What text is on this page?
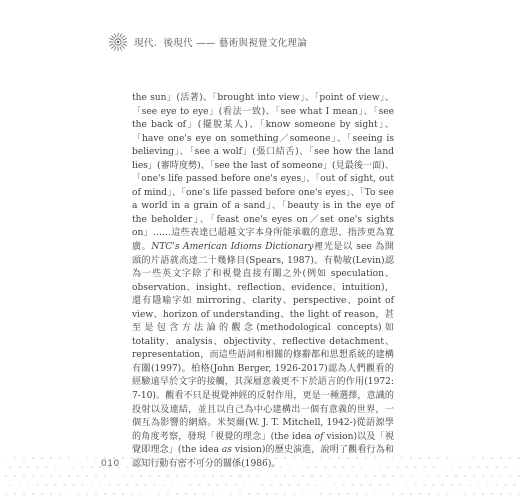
現代．後現代 —— 藝術與視覺文化理論

the sun」(活著)、「brought into view」、「point of view」、「see eye to eye」(看法一致)、「see what I mean」、「see the back of」(擺脫某人)、「know someone by sight」、「have one's eye on something／someone」、「seeing is believing」、「see a wolf」(張口結舌)、「see how the land lies」(審時度勢)、「see the last of someone」(見最後一面)、「one's life passed before one's eyes」、「out of sight, out of mind」、「one's life passed before one's eyes」、「To see a world in a grain of a sand」、「beauty is in the eye of the beholder」、「feast one's eyes on／set one's sights on」……這些表達已超越文字本身所能承載的意思，指涉更為寬廣。NTC's American Idioms Dictionary裡光是以 see 為開頭的片語就高達二十幾條目(Spears, 1987)。有勒敏(Levin)認為一些英文字除了和視覺直接有關之外(例如 speculation、observation、insight、reflection、evidence、intuition)，還有隱喻字如 mirroring、clarity、perspective、point of view、horizon of understanding、the light of reason，甚至是包含方法論的觀念(methodological concepts)如 totality、analysis、objectivity、reflective detachment、representation，而這些語詞和相關的修辭都和思想系統的建構有關(1997)。柏格(John Berger, 1926-2017)認為人們觀看的經驗遠早於文字的接觸，其深層意義更不下於語言的作用(1972: 7-10)。觀看不只是視覺神經的反射作用，更是一種選擇，意識的投射以及連結，並且以自己為中心建構出一個有意義的世界，一個互為影響的網絡。米契爾(W. J. T. Mitchell, 1942-)從語源學的角度考察，發現「視覺的理念」(the idea of vision)以及「視覺即理念」(the idea as vision)的歷史演進，說明了觀看行為和認知行動有密不可分的關係(1986)。

010
